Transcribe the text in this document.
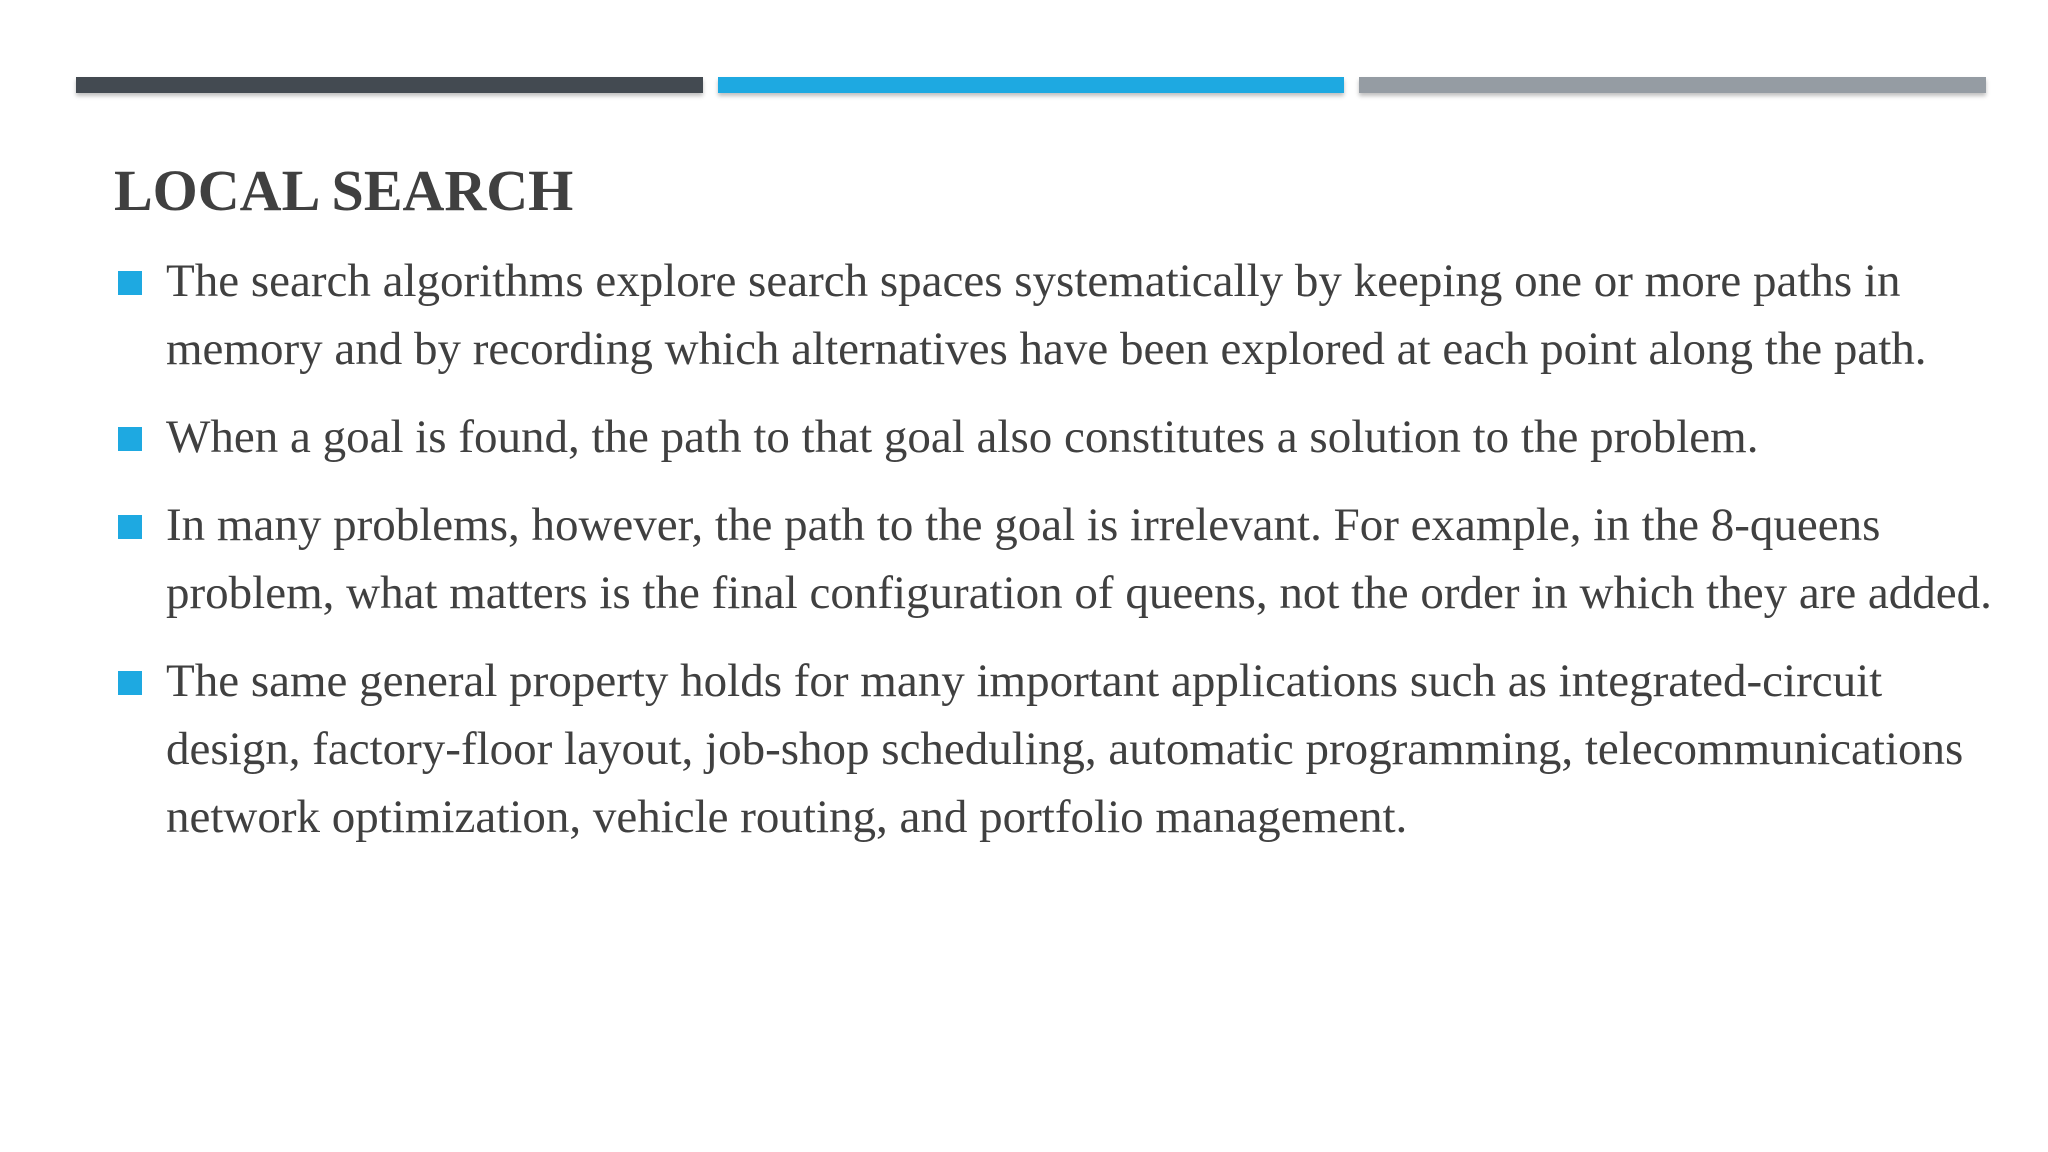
LOCAL SEARCH
The search algorithms explore search spaces systematically by keeping one or more paths in memory and by recording which alternatives have been explored at each point along the path.
When a goal is found, the path to that goal also constitutes a solution to the problem.
In many problems, however, the path to the goal is irrelevant. For example, in the 8-queens problem, what matters is the final configuration of queens, not the order in which they are added.
The same general property holds for many important applications such as integrated-circuit design, factory-floor layout, job-shop scheduling, automatic programming, telecommunications network optimization, vehicle routing, and portfolio management.
